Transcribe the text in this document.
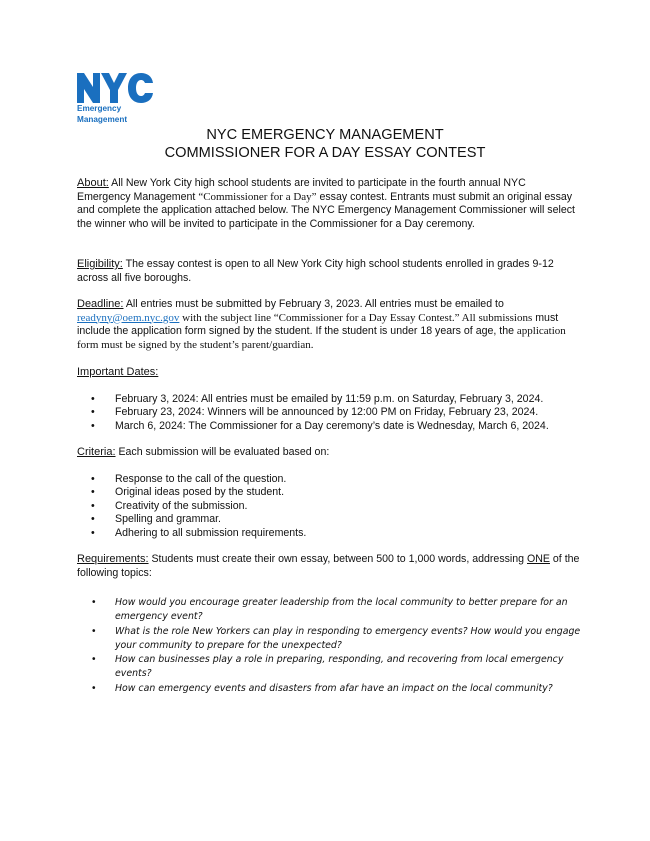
Emergency
Management
NYC EMERGENCY MANAGEMENT
COMMISSIONER FOR A DAY ESSAY CONTEST
About: All New York City high school students are invited to participate in the fourth annual NYC Emergency Management “Commissioner for a Day” essay contest. Entrants must submit an original essay and complete the application attached below. The NYC Emergency Management Commissioner will select the winner who will be invited to participate in the Commissioner for a Day ceremony.
Eligibility: The essay contest is open to all New York City high school students enrolled in grades 9-12 across all five boroughs.
Deadline: All entries must be submitted by February 3, 2023. All entries must be emailed to readyny@oem.nyc.gov with the subject line “Commissioner for a Day Essay Contest.” All submissions must include the application form signed by the student. If the student is under 18 years of age, the application form must be signed by the student’s parent/guardian.
Important Dates:
• February 3, 2024: All entries must be emailed by 11:59 p.m. on Saturday, February 3, 2024.
• February 23, 2024: Winners will be announced by 12:00 PM on Friday, February 23, 2024.
• March 6, 2024: The Commissioner for a Day ceremony’s date is Wednesday, March 6, 2024.
Criteria: Each submission will be evaluated based on:
• Response to the call of the question.
• Original ideas posed by the student.
• Creativity of the submission.
• Spelling and grammar.
• Adhering to all submission requirements.
Requirements: Students must create their own essay, between 500 to 1,000 words, addressing ONE of the following topics:
• How would you encourage greater leadership from the local community to better prepare for an emergency event?
• What is the role New Yorkers can play in responding to emergency events? How would you engage your community to prepare for the unexpected?
• How can businesses play a role in preparing, responding, and recovering from local emergency events?
• How can emergency events and disasters from afar have an impact on the local community?
